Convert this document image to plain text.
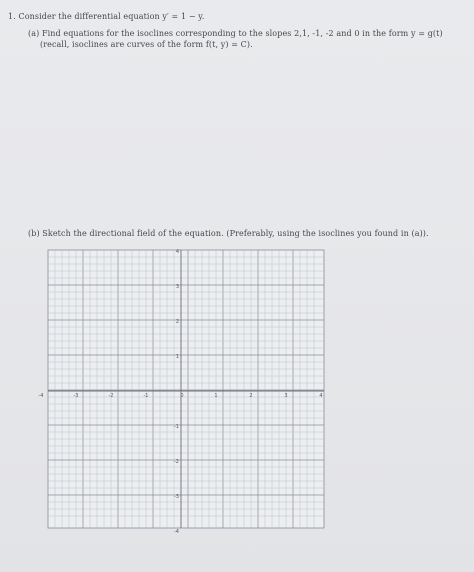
1. Consider the differential equation y′ = 1 − y.
(a) Find equations for the isoclines corresponding to the slopes 2,1, -1, -2 and 0 in the form y = g(t)
(recall, isoclines are curves of the form f(t, y) = C).
(b) Sketch the directional field of the equation. (Preferably, using the isoclines you found in (a)).
-4	-3	-2	-1	0	1	2	3	4
4
3
2
1
-1
-2
-3
-4
